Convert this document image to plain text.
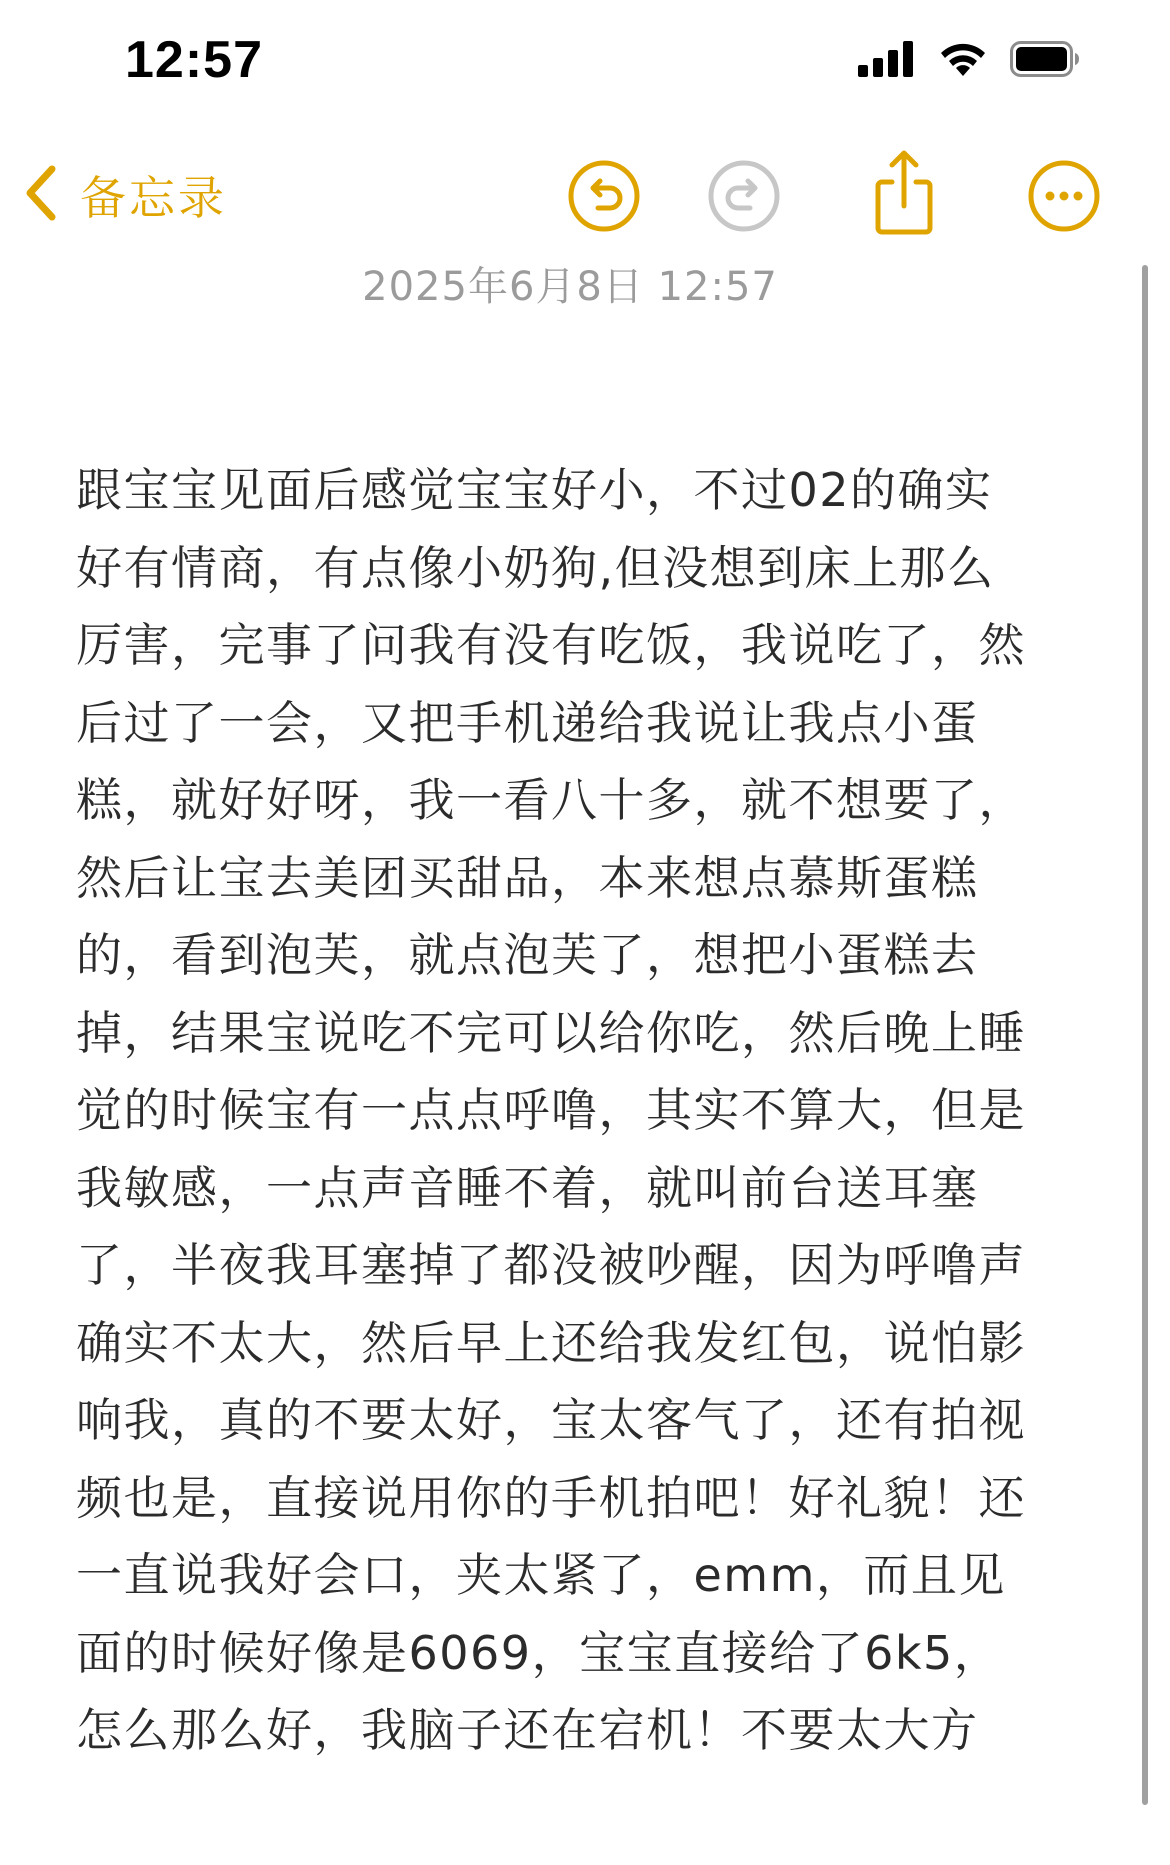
12:57
备忘录
2025年6月8日 12:57
跟宝宝见面后感觉宝宝好小，不过02的确实
好有情商，有点像小奶狗,但没想到床上那么
厉害，完事了问我有没有吃饭，我说吃了，然
后过了一会，又把手机递给我说让我点小蛋
糕，就好好呀，我一看八十多，就不想要了，
然后让宝去美团买甜品，本来想点慕斯蛋糕
的，看到泡芙，就点泡芙了，想把小蛋糕去
掉，结果宝说吃不完可以给你吃，然后晚上睡
觉的时候宝有一点点呼噜，其实不算大，但是
我敏感，一点声音睡不着，就叫前台送耳塞
了，半夜我耳塞掉了都没被吵醒，因为呼噜声
确实不太大，然后早上还给我发红包，说怕影
响我，真的不要太好，宝太客气了，还有拍视
频也是，直接说用你的手机拍吧！好礼貌！还
一直说我好会口，夹太紧了，emm，而且见
面的时候好像是6069，宝宝直接给了6k5，
怎么那么好，我脑子还在宕机！不要太大方
